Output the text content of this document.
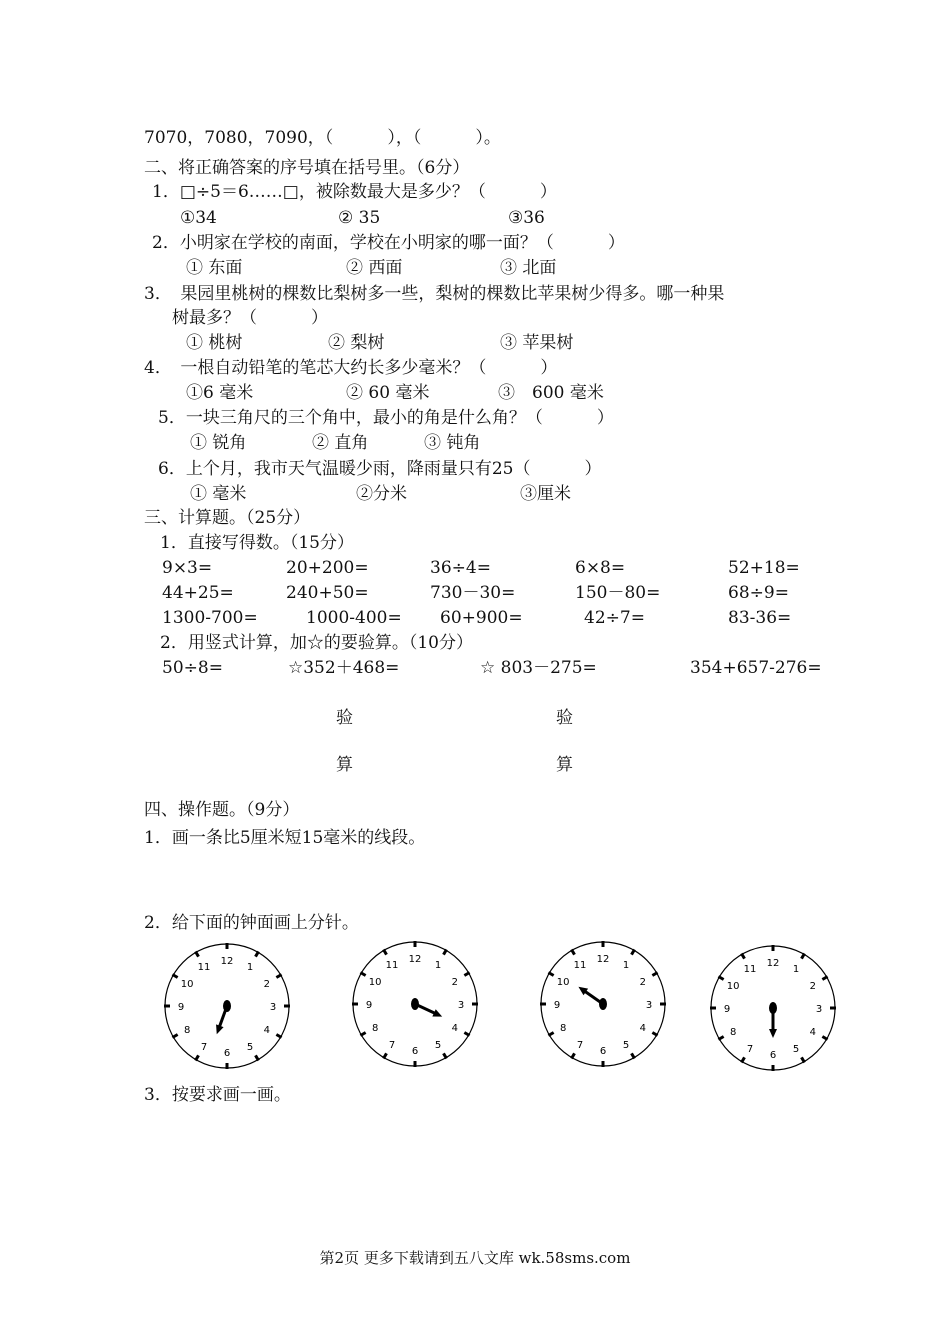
7070，7080，7090，（          ），（          ）。
二、将正确答案的序号填在括号里。（6分）
1．□÷5＝6……□，被除数最大是多少？（          ）
①34	② 35	③36
2．小明家在学校的南面，学校在小明家的哪一面？（          ）
① 东面	② 西面	③ 北面
3．　果园里桃树的棵数比梨树多一些，梨树的棵数比苹果树少得多。哪一种果
树最多？（          ）
① 桃树	② 梨树	③ 苹果树
4．　一根自动铅笔的笔芯大约长多少毫米？（          ）
①6 毫米	② 60 毫米	③　600 毫米
5．一块三角尺的三个角中，最小的角是什么角？（          ）
① 锐角	② 直角	③ 钝角
6．上个月，我市天气温暖少雨，降雨量只有25（          ）
① 毫米	②分米	③厘米
三、计算题。（25分）
1．直接写得数。（15分）
9×3=	20+200=	36÷4=	6×8=	52+18=
44+25=	240+50=	730－30=	150－80=	68÷9=
1300-700=	1000-400= 60+900=	42÷7=	83-36=
2．用竖式计算，加☆的要验算。（10分）
50÷8=	☆352＋468=	☆ 803－275=	354+657-276=
验	验
算	算
四、操作题。（9分）
1．画一条比5厘米短15毫米的线段。
2．给下面的钟面画上分针。
12
1
2
3
4
5
6
7
8
9
10
11
12
1
2
3
4
5
6
7
8
9
10
11
12
1
2
3
4
5
6
7
8
9
10
11	12
1
2
3
4
5
6
7
8
9
10
11
3．按要求画一画。
第2页 更多下载请到五八文库 wk.58sms.com
